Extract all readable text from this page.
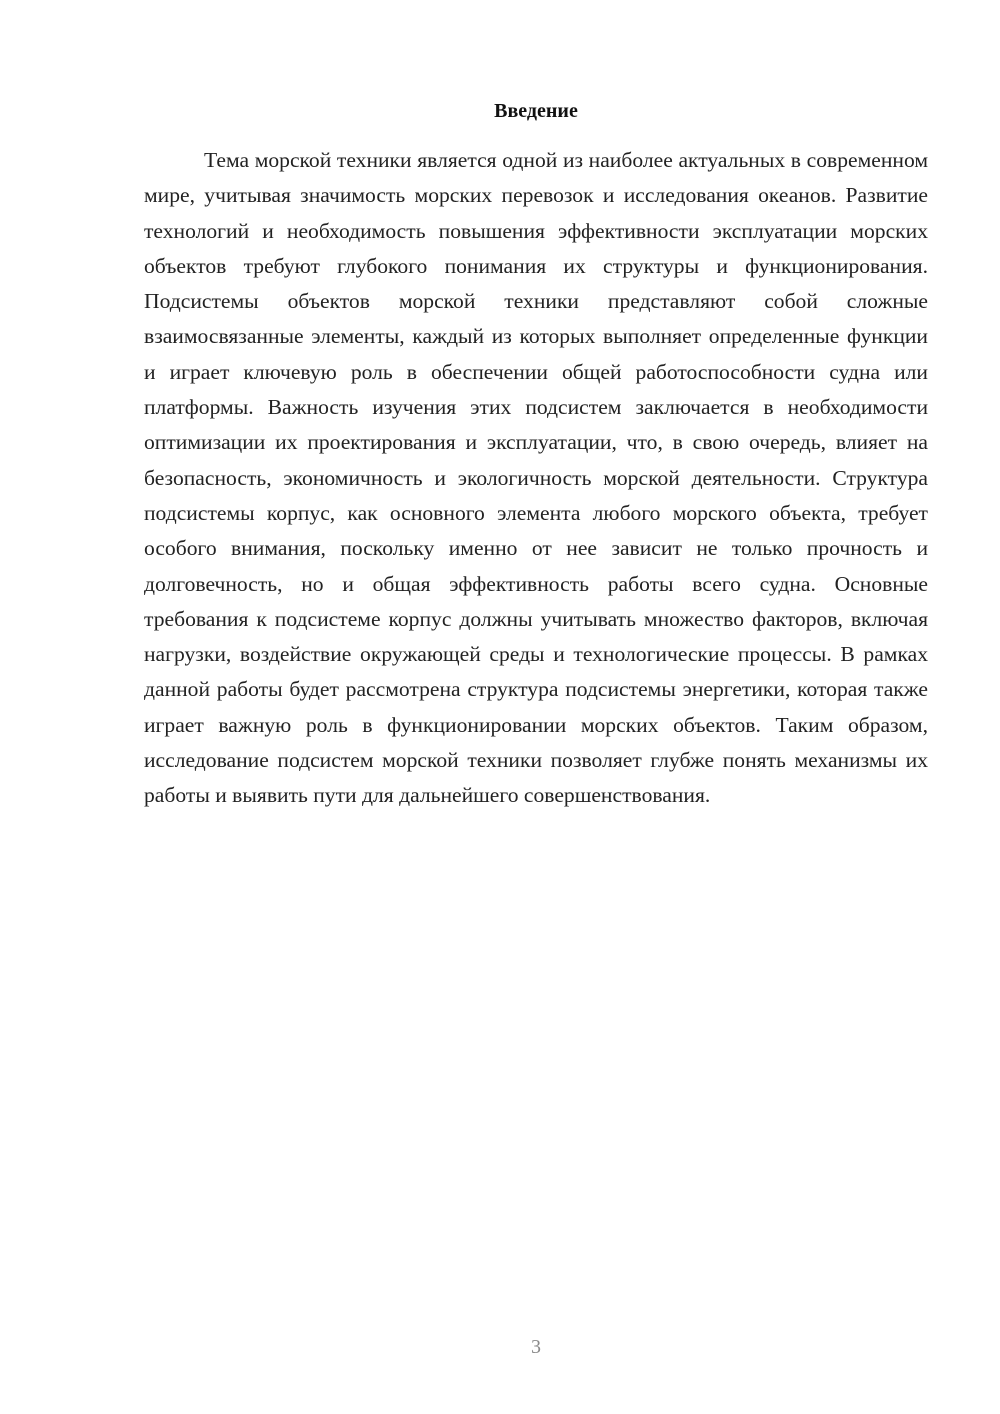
Введение

Тема морской техники является одной из наиболее актуальных в современном мире, учитывая значимость морских перевозок и исследования океанов. Развитие технологий и необходимость повышения эффективности эксплуатации морских объектов требуют глубокого понимания их структуры и функционирования. Подсистемы объектов морской техники представляют собой сложные взаимосвязанные элементы, каждый из которых выполняет определенные функции и играет ключевую роль в обеспечении общей работоспособности судна или платформы. Важность изучения этих подсистем заключается в необходимости оптимизации их проектирования и эксплуатации, что, в свою очередь, влияет на безопасность, экономичность и экологичность морской деятельности. Структура подсистемы корпус, как основного элемента любого морского объекта, требует особого внимания, поскольку именно от нее зависит не только прочность и долговечность, но и общая эффективность работы всего судна. Основные требования к подсистеме корпус должны учитывать множество факторов, включая нагрузки, воздействие окружающей среды и технологические процессы. В рамках данной работы будет рассмотрена структура подсистемы энергетики, которая также играет важную роль в функционировании морских объектов. Таким образом, исследование подсистем морской техники позволяет глубже понять механизмы их работы и выявить пути для дальнейшего совершенствования.

3
